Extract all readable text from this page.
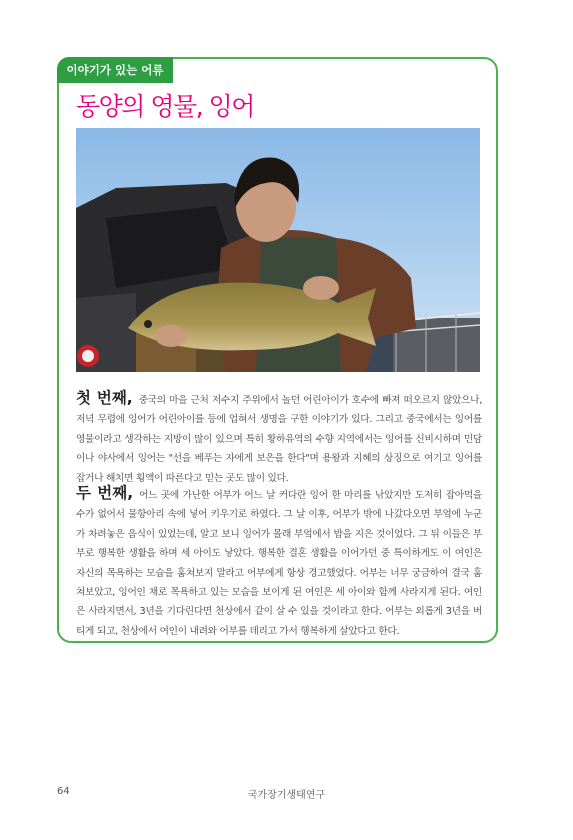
이야기가 있는 어류
동양의 영물, 잉어

첫 번째, 중국의 마을 근처 저수지 주위에서 놀던 어린아이가 호수에 빠져 떠오르지 않았으나, 저녁 무렵에 잉어가 어린아이를 등에 업혀서 생명을 구한 이야기가 있다. 그리고 중국에서는 잉어를 영물이라고 생각하는 지방이 많이 있으며 특히 황하유역의 수향 지역에서는 잉어를 신비시하며 민담이나 야사에서 잉어는 "선을 베푸는 자에게 보은을 한다"며 용왕과 지혜의 상징으로 여기고 잉어를 잡거나 해치면 횡액이 따른다고 믿는 곳도 많이 있다.

두 번째, 어느 곳에 가난한 어부가 어느 날 커다란 잉어 한 마리를 낚았지만 도저히 잡아먹을 수가 없어서 물항아리 속에 넣어 키우기로 하였다. 그 날 이후, 어부가 밖에 나갔다오면 부엌에 누군가 차려놓은 음식이 있었는데, 알고 보니 잉어가 몰래 부엌에서 밥을 지은 것이었다. 그 뒤 이들은 부부로 행복한 생활을 하며 세 아이도 낳았다. 행복한 결혼 생활을 이어가던 중 특이하게도 이 여인은 자신의 목욕하는 모습을 훔쳐보지 말라고 어부에게 항상 경고했었다. 어부는 너무 궁금하여 결국 훔쳐보았고, 잉어인 채로 목욕하고 있는 모습을 보이게 된 여인은 세 아이와 함께 사라지게 된다. 여인은 사라지면서, 3년을 기다린다면 천상에서 같이 살 수 있을 것이라고 한다. 어부는 외롭게 3년을 버티게 되고, 천상에서 여인이 내려와 어부를 데리고 가서 행복하게 살았다고 한다.

64	국가장기생태연구
